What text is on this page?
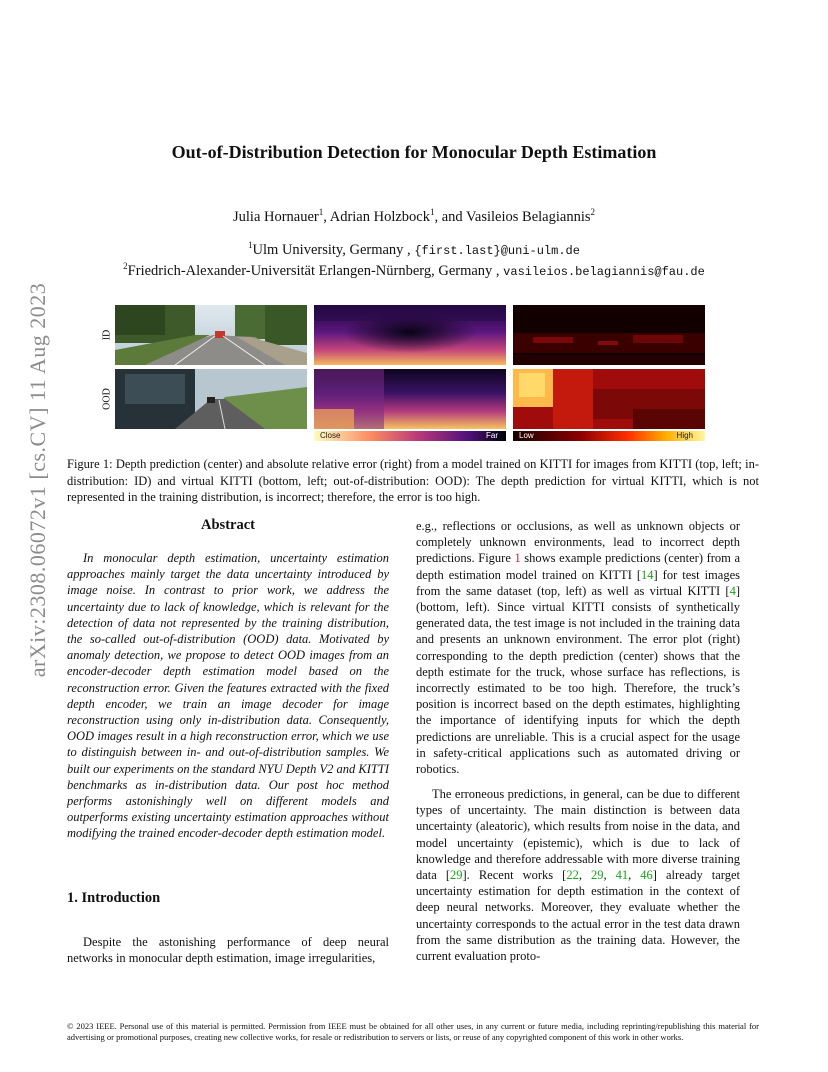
arXiv:2308.06072v1 [cs.CV] 11 Aug 2023
Out-of-Distribution Detection for Monocular Depth Estimation
Julia Hornauer$^1$, Adrian Holzbock$^1$, and Vasileios Belagiannis$^2$
$^1$Ulm University, Germany , {first.last}@uni-ulm.de
$^2$Friedrich-Alexander-Universität Erlangen-Nürnberg, Germany , vasileios.belagiannis@fau.de
ID
OOD
Close	Far	Low	High
Figure 1: Depth prediction (center) and absolute relative error (right) from a model trained on KITTI for images from KITTI (top, left; in-distribution: ID) and virtual KITTI (bottom, left; out-of-distribution: OOD): The depth prediction for virtual KITTI, which is not represented in the training distribution, is incorrect; therefore, the error is too high.
Abstract
In monocular depth estimation, uncertainty estimation approaches mainly target the data uncertainty introduced by image noise. In contrast to prior work, we address the uncertainty due to lack of knowledge, which is relevant for the detection of data not represented by the training distribution, the so-called out-of-distribution (OOD) data. Motivated by anomaly detection, we propose to detect OOD images from an encoder-decoder depth estimation model based on the reconstruction error. Given the features extracted with the fixed depth encoder, we train an image decoder for image reconstruction using only in-distribution data. Consequently, OOD images result in a high reconstruction error, which we use to distinguish between in- and out-of-distribution samples. We built our experiments on the standard NYU Depth V2 and KITTI benchmarks as in-distribution data. Our post hoc method performs astonishingly well on different models and outperforms existing uncertainty estimation approaches without modifying the trained encoder-decoder depth estimation model.
1. Introduction
Despite the astonishing performance of deep neural networks in monocular depth estimation, image irregularities,
e.g., reflections or occlusions, as well as unknown objects or completely unknown environments, lead to incorrect depth predictions. Figure 1 shows example predictions (center) from a depth estimation model trained on KITTI [14] for test images from the same dataset (top, left) as well as virtual KITTI [4] (bottom, left). Since virtual KITTI consists of synthetically generated data, the test image is not included in the training data and presents an unknown environment. The error plot (right) corresponding to the depth prediction (center) shows that the depth estimate for the truck, whose surface has reflections, is incorrectly estimated to be too high. Therefore, the truck’s position is incorrect based on the depth estimates, highlighting the importance of identifying inputs for which the depth predictions are unreliable. This is a crucial aspect for the usage in safety-critical applications such as automated driving or robotics.
The erroneous predictions, in general, can be due to different types of uncertainty. The main distinction is between data uncertainty (aleatoric), which results from noise in the data, and model uncertainty (epistemic), which is due to lack of knowledge and therefore addressable with more diverse training data [29]. Recent works [22, 29, 41, 46] already target uncertainty estimation for depth estimation in the context of deep neural networks. Moreover, they evaluate whether the uncertainty corresponds to the actual error in the test data drawn from the same distribution as the training data. However, the current evaluation proto-
© 2023 IEEE. Personal use of this material is permitted. Permission from IEEE must be obtained for all other uses, in any current or future media, including reprinting/republishing this material for advertising or promotional purposes, creating new collective works, for resale or redistribution to servers or lists, or reuse of any copyrighted component of this work in other works.
